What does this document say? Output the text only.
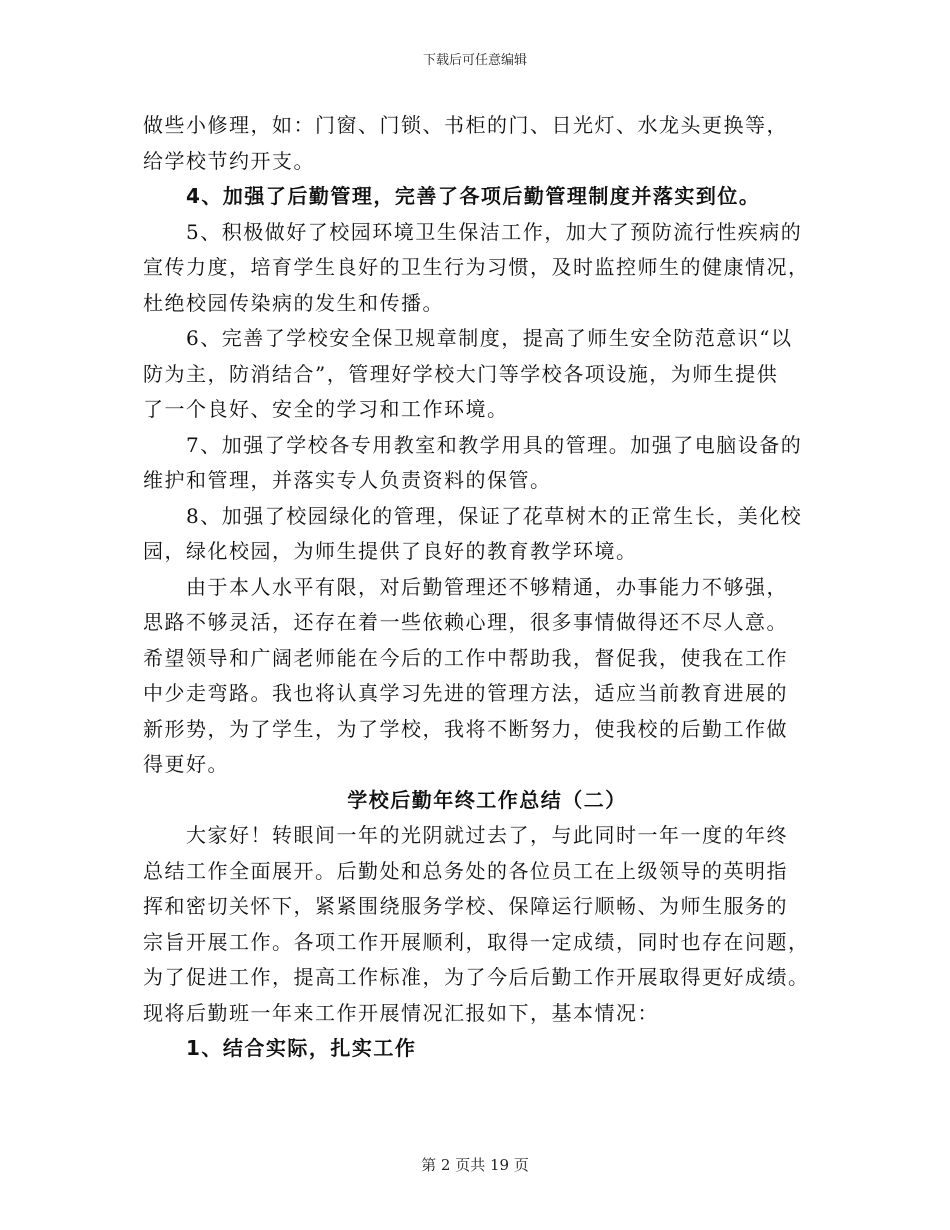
下载后可任意编辑
做些小修理，如：门窗、门锁、书柜的门、日光灯、水龙头更换等，
给学校节约开支。
4、加强了后勤管理，完善了各项后勤管理制度并落实到位。
5、积极做好了校园环境卫生保洁工作，加大了预防流行性疾病的
宣传力度，培育学生良好的卫生行为习惯，及时监控师生的健康情况，
杜绝校园传染病的发生和传播。
6、完善了学校安全保卫规章制度，提高了师生安全防范意识“以
防为主，防消结合”，管理好学校大门等学校各项设施，为师生提供
了一个良好、安全的学习和工作环境。
7、加强了学校各专用教室和教学用具的管理。加强了电脑设备的
维护和管理，并落实专人负责资料的保管。
8、加强了校园绿化的管理，保证了花草树木的正常生长，美化校
园，绿化校园，为师生提供了良好的教育教学环境。
由于本人水平有限，对后勤管理还不够精通，办事能力不够强，
思路不够灵活，还存在着一些依赖心理，很多事情做得还不尽人意。
希望领导和广阔老师能在今后的工作中帮助我，督促我，使我在工作
中少走弯路。我也将认真学习先进的管理方法，适应当前教育进展的
新形势，为了学生，为了学校，我将不断努力，使我校的后勤工作做
得更好。
学校后勤年终工作总结（二）
大家好！转眼间一年的光阴就过去了，与此同时一年一度的年终
总结工作全面展开。后勤处和总务处的各位员工在上级领导的英明指
挥和密切关怀下，紧紧围绕服务学校、保障运行顺畅、为师生服务的
宗旨开展工作。各项工作开展顺利，取得一定成绩，同时也存在问题，
为了促进工作，提高工作标准，为了今后后勤工作开展取得更好成绩。
现将后勤班一年来工作开展情况汇报如下，基本情况：
1、结合实际，扎实工作
第 2 页共 19 页
